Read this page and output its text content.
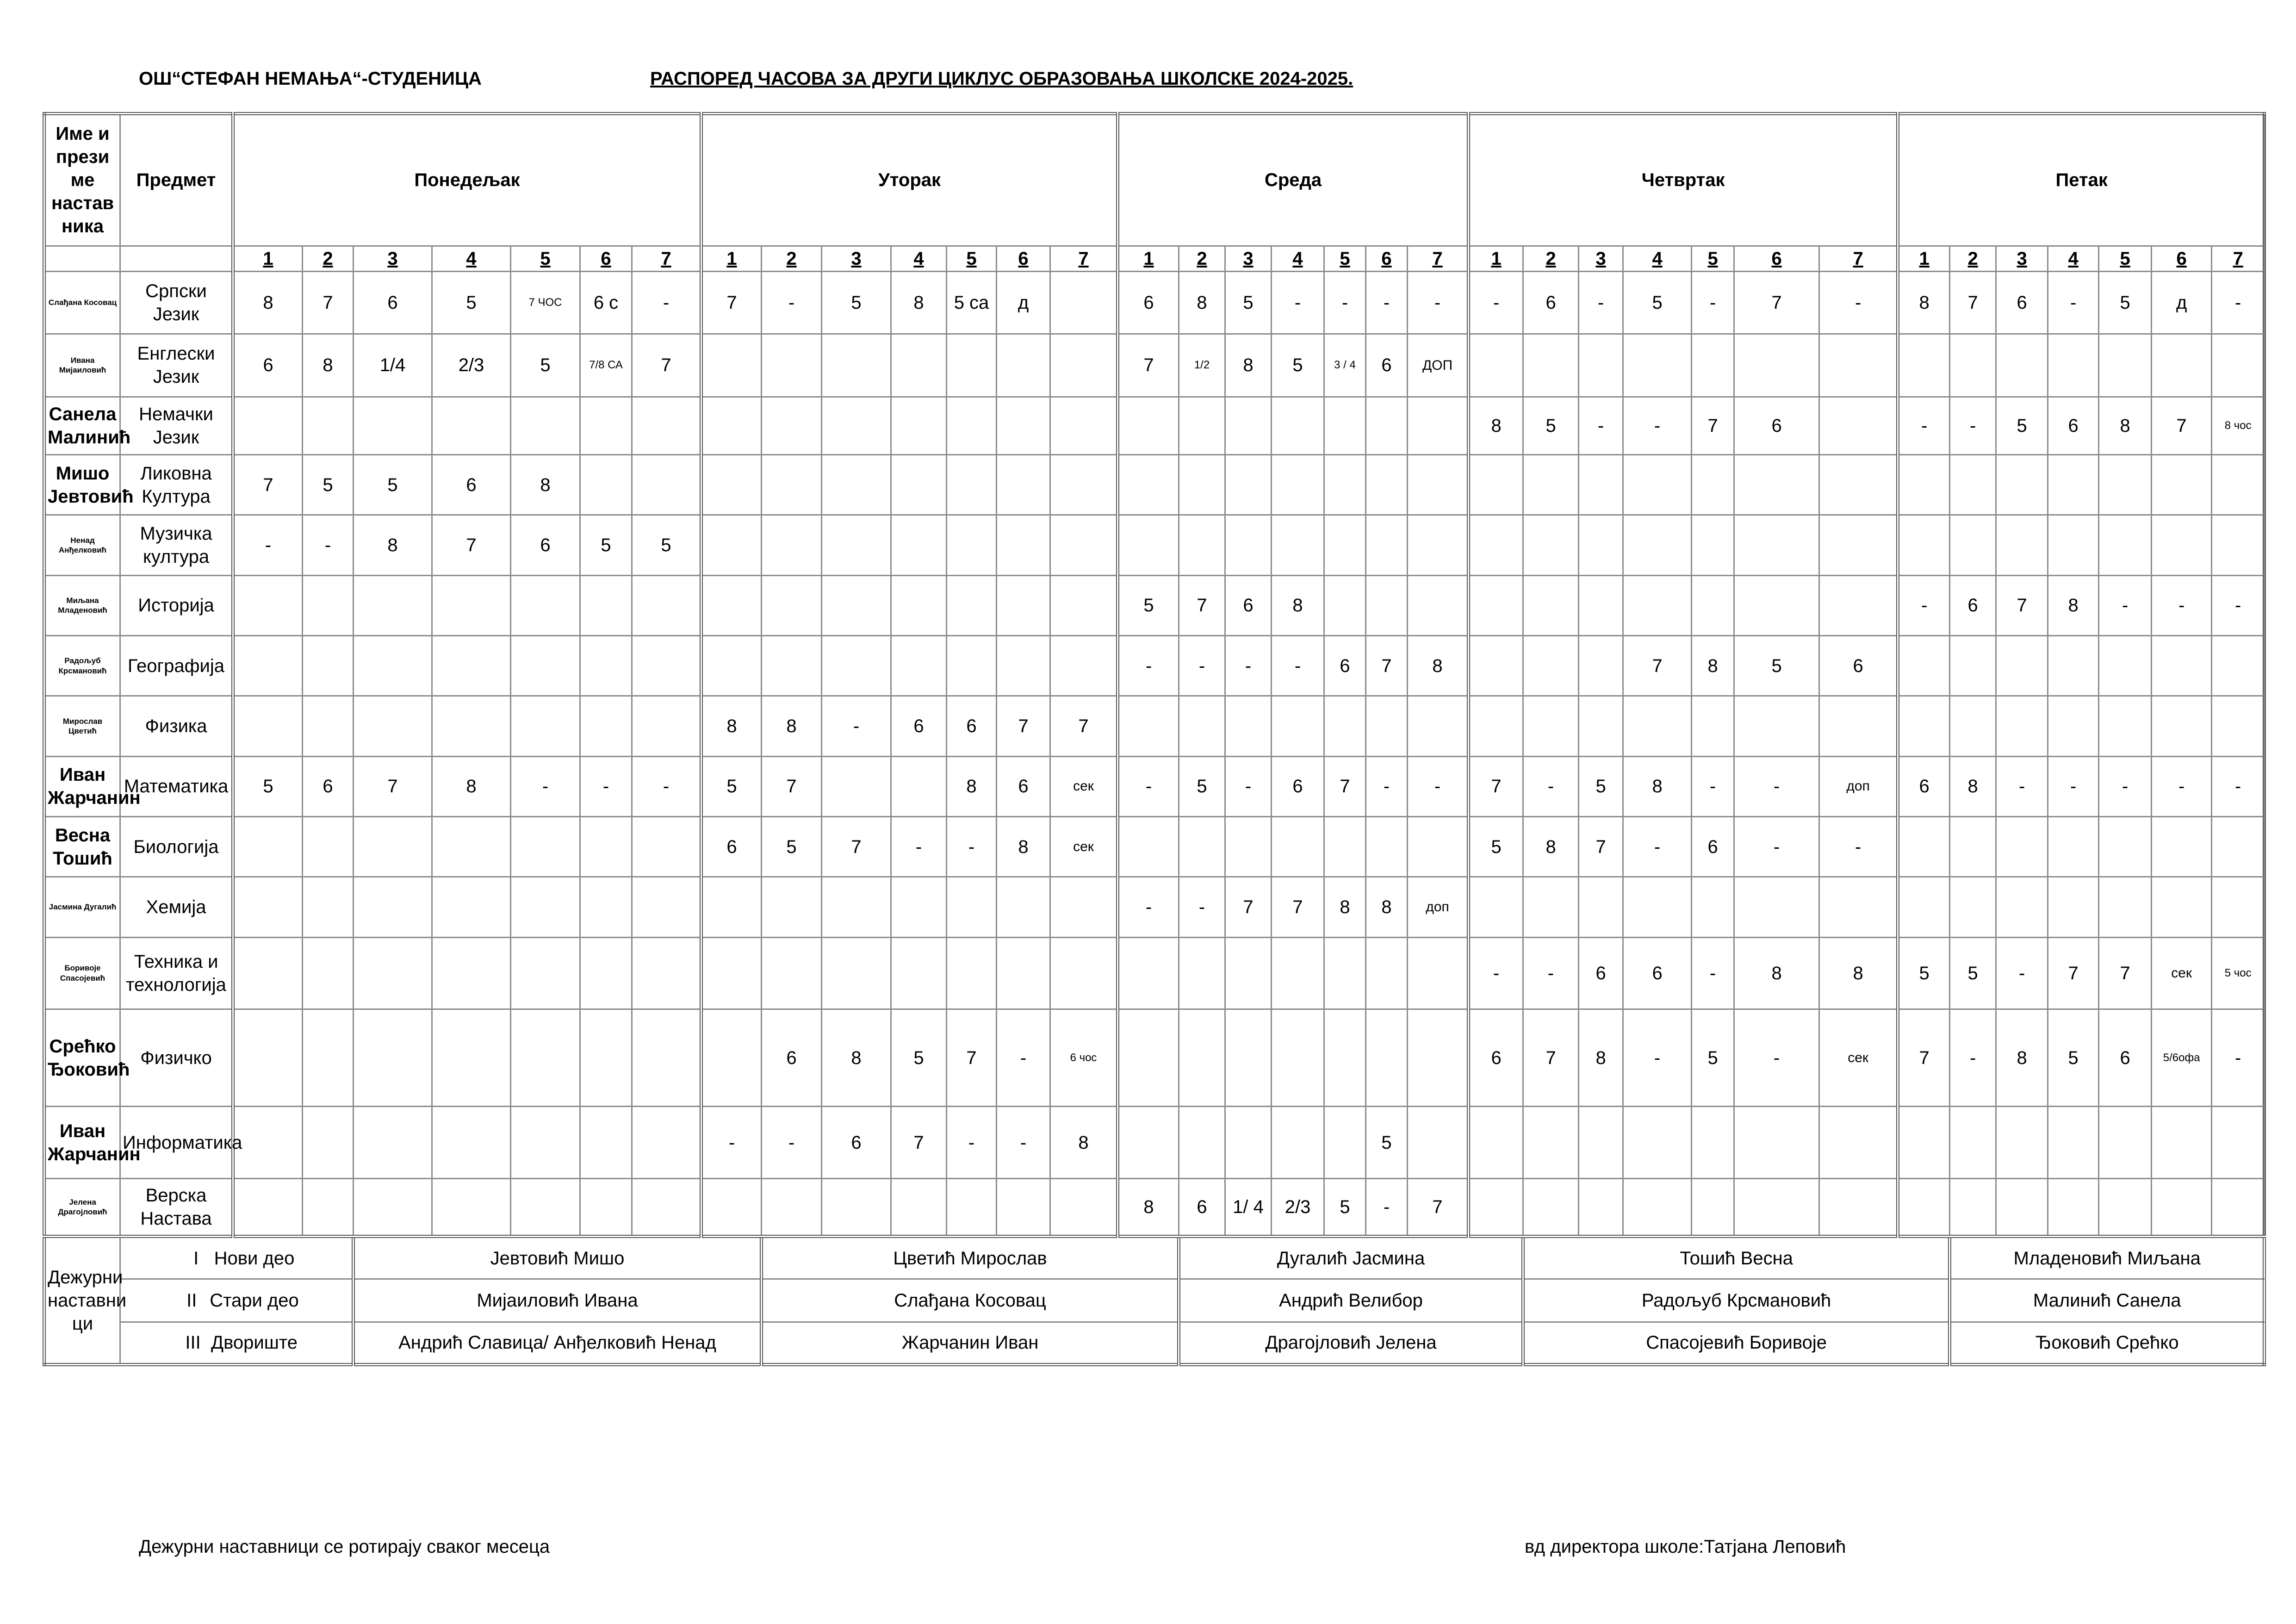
ОШ“СТЕФАН НЕМАЊА“-СТУДЕНИЦА	РАСПОРЕД ЧАСОВА ЗА ДРУГИ ЦИКЛУС ОБРАЗОВАЊА ШКОЛСКЕ 2024-2025.
Име и прези ме настав ника	Предмет	Понедељак							Уторак							Среда							Четвртак							Петак						
		1	2	3	4	5	6	7	1	2	3	4	5	6	7	1	2	3	4	5	6	7	1	2	3	4	5	6	7	1	2	3	4	5	6	7
Слађана Косовац	Српски Језик	8	7	6	5	7 ЧОС	6 с	-	7	-	5	8	5 са	д		6	8	5	-	-	-	-	-	6	-	5	-	7	-	8	7	6	-	5	д	-
Ивана Мијаиловић	Енглески Језик	6	8	1/4	2/3	5	7/8 СА	7								7	1/2	8	5	3 / 4	6	ДОП														
Санела Малинић	Немачки Језик																						8	5	-	-	7	6		-	-	5	6	8	7	8 чос
Мишо Јевтовић	Ликовна Култура	7	5	5	6	8																														
Ненад Анђелковић	Музичка култура	-	-	8	7	6	5	5																												
Миљана Младеновић	Историја															5	7	6	8											-	6	7	8	-	-	-
Радољуб Крсмановић	Географија															-	-	-	-	6	7	8				7	8	5	6							
Мирослав Цветић	Физика								8	8	-	6	6	7	7																					
Иван Жарчанин	Математика	5	6	7	8	-	-	-	5	7			8	6	сек	-	5	-	6	7	-	-	7	-	5	8	-	-	доп	6	8	-	-	-	-	-
Весна Тошић	Биологија								6	5	7	-	-	8	сек								5	8	7	-	6	-	-							
Јасмина Дугалић	Хемија															-	-	7	7	8	8	доп														
Боривоје Спасојевић	Техника и технологија																						-	-	6	6	-	8	8	5	5	-	7	7	сек	5 чос
Срећко Ђоковић	Физичко									6	8	5	7	-	6 чос								6	7	8	-	5	-	сек	7	-	8	5	6	5/6офа	-
Иван Жарчанин	Информатика								-	-	6	7	-	-	8						5															
Јелена Драгојловић	Верска Настава															8	6	1/ 4	2/3	5	-	7														
Дежурни наставни ци	I Нови део			Јевтовић Мишо						Цветић Мирослав							Дугалић Јасмина							Тошић Весна							Младеновић Миљана					
	II Стари део			Мијаиловић Ивана						Слађана Косовац							Андрић Велибор							Радољуб Крсмановић							Малинић Санела					
	III Двориште			Андрић Славица/ Анђелковић Ненад						Жарчанин Иван							Драгојловић Јелена							Спасојевић Боривоје							Ђоковић Срећко					
Дежурни наставници се ротирају сваког месеца	вд директора школе:Татјана Леповић
